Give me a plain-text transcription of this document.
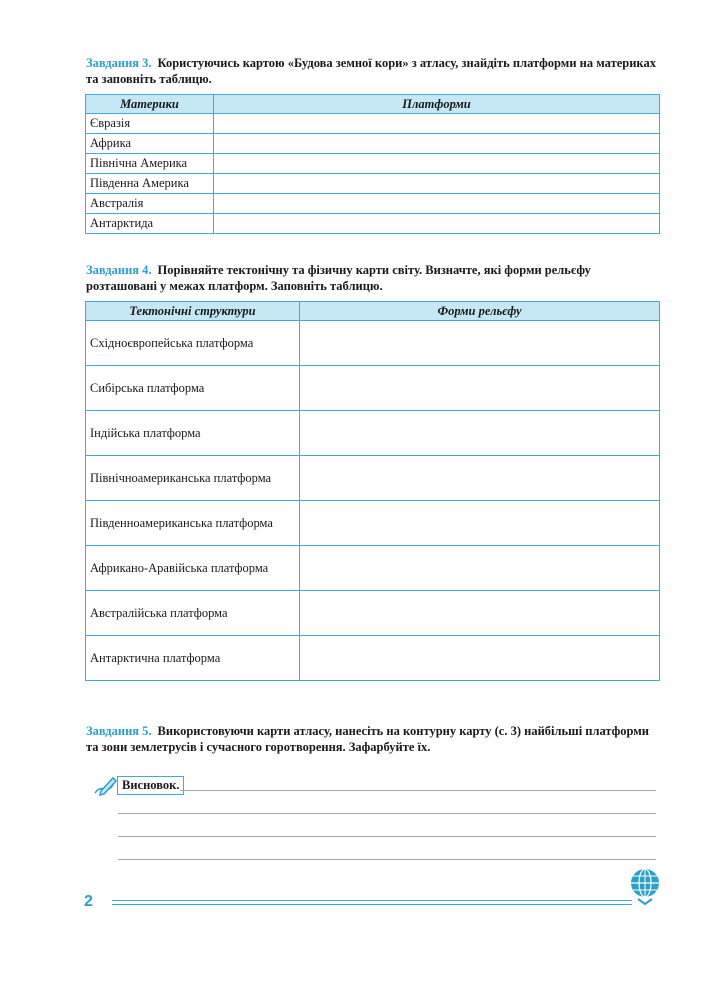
Завдання 3. Користуючись картою «Будова земної кори» з атласу, знайдіть платформи на материках та заповніть таблицю.
Материки	Платформи
Євразія	
Африка	
Північна Америка	
Південна Америка	
Австралія	
Антарктида	
Завдання 4. Порівняйте тектонічну та фізичну карти світу. Визначте, які форми рельєфу розташовані у межах платформ. Заповніть таблицю.
Тектонічні структури	Форми рельєфу
Східноєвропейська платформа	
Сибірська платформа	
Індійська платформа	
Північноамериканська платформа	
Південноамериканська платформа	
Африкано-Аравійська платформа	
Австралійська платформа	
Антарктична платформа	
Завдання 5. Використовуючи карти атласу, нанесіть на контурну карту (с. 3) найбільші платформи та зони землетрусів і сучасного горотворення. Зафарбуйте їх.
Висновок.
2
